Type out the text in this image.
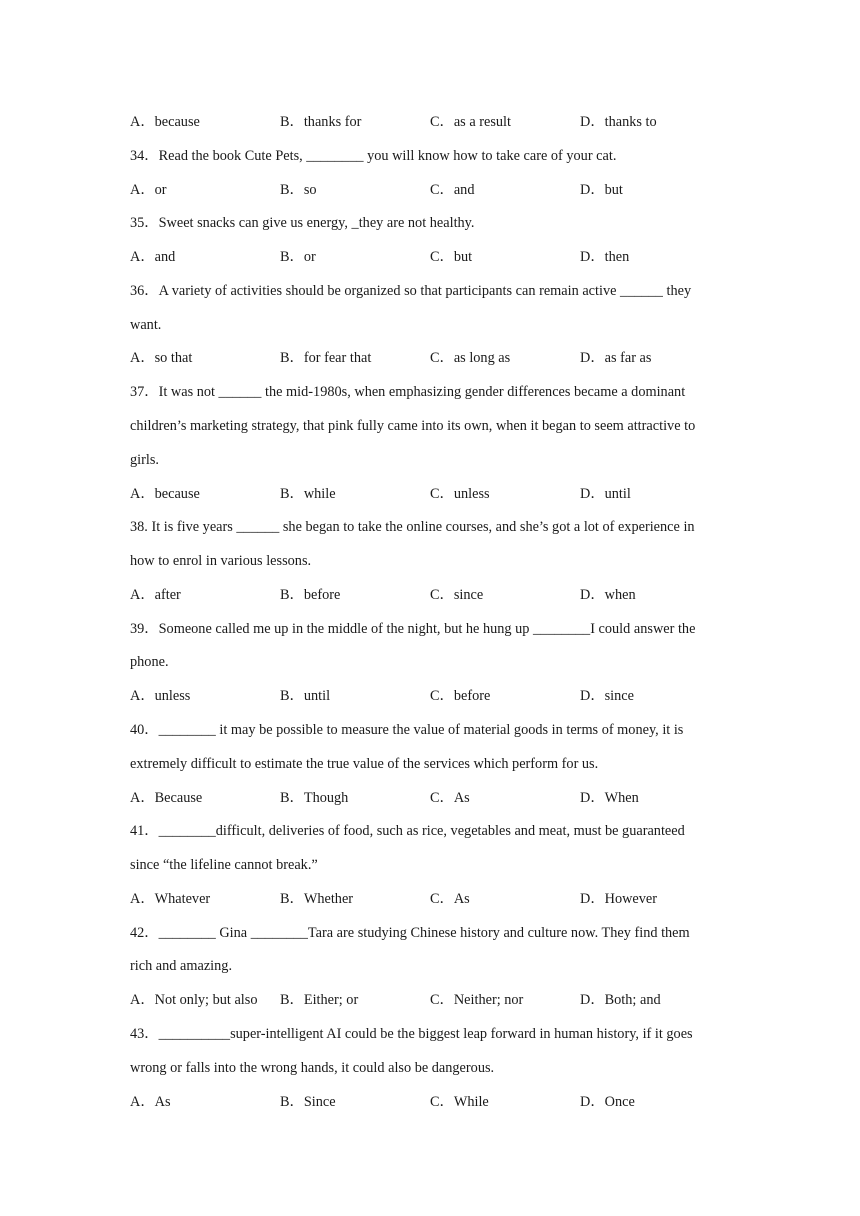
A．because	B．thanks for	C．as a result	D．thanks to
34．Read the book Cute Pets, ________ you will know how to take care of your cat.
A．or	B．so	C．and	D．but
35．Sweet snacks can give us energy, _they are not healthy.
A．and	B．or	C．but	D．then
36．A variety of activities should be organized so that participants can remain active ______ they
want.
A．so that	B．for fear that	C．as long as	D．as far as
37．It was not ______ the mid-1980s, when emphasizing gender differences became a dominant
children’s marketing strategy, that pink fully came into its own, when it began to seem attractive to
girls.
A．because	B．while	C．unless	D．until
38. It is five years ______ she began to take the online courses, and she’s got a lot of experience in
how to enrol in various lessons.
A．after	B．before	C．since	D．when
39．Someone called me up in the middle of the night, but he hung up ________I could answer the
phone.
A．unless	B．until	C．before	D．since
40．________ it may be possible to measure the value of material goods in terms of money, it is
extremely difficult to estimate the true value of the services which perform for us.
A．Because	B．Though	C．As	D．When
41．________difficult, deliveries of food, such as rice, vegetables and meat, must be guaranteed
since “the lifeline cannot break.”
A．Whatever	B．Whether	C．As	D．However
42．________ Gina ________Tara are studying Chinese history and culture now. They find them
rich and amazing.
A．Not only; but also B．Either; or	C．Neither; nor	D．Both; and
43．__________super-intelligent AI could be the biggest leap forward in human history, if it goes
wrong or falls into the wrong hands, it could also be dangerous.
A．As	B．Since	C．While	D．Once
